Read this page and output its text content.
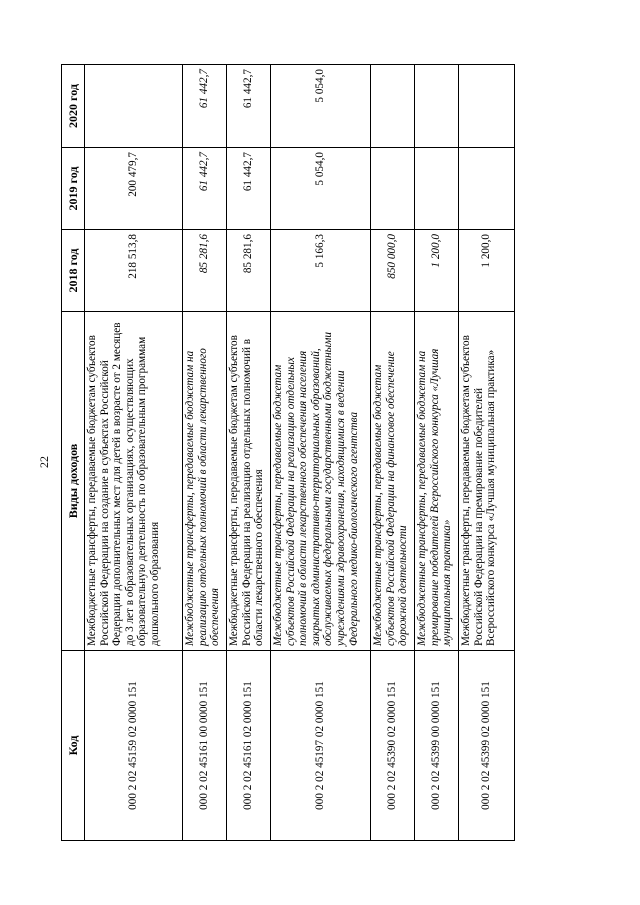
22
Код	Виды доходов	2018 год	2019 год	2020 год
000 2 02 45159 02 0000 151	Межбюджетные трансферты, передаваемые бюджетам субъектов Российской Федерации на создание в субъектах Российской Федерации дополнительных мест для детей в возрасте от 2 месяцев до 3 лет в образовательных организациях, осуществляющих образовательную деятельность по образовательным программам дошкольного образования	218 513,8	200 479,7	
000 2 02 45161 00 0000 151	Межбюджетные трансферты, передаваемые бюджетам на реализацию отдельных полномочий в области лекарственного обеспечения	85 281,6	61 442,7	61 442,7
000 2 02 45161 02 0000 151	Межбюджетные трансферты, передаваемые бюджетам субъектов Российской Федерации на реализацию отдельных полномочий в области лекарственного обеспечения	85 281,6	61 442,7	61 442,7
000 2 02 45197 02 0000 151	Межбюджетные трансферты, передаваемые бюджетам субъектов Российской Федерации на реализацию отдельных полномочий в области лекарственного обеспечения населения закрытых административно-территориальных образований, обслуживаемых федеральными государственными бюджетными учреждениями здравоохранения, находящимися в ведении Федерального медико-биологического агентства	5 166,3	5 054,0	5 054,0
000 2 02 45390 02 0000 151	Межбюджетные трансферты, передаваемые бюджетам субъектов Российской Федерации на финансовое обеспечение дорожной деятельности	850 000,0		
000 2 02 45399 00 0000 151	Межбюджетные трансферты, передаваемые бюджетам на премирование победителей Всероссийского конкурса «Лучшая муниципальная практика»	1 200,0		
000 2 02 45399 02 0000 151	Межбюджетные трансферты, передаваемые бюджетам субъектов Российской Федерации на премирование победителей Всероссийского конкурса «Лучшая муниципальная практика»	1 200,0		
